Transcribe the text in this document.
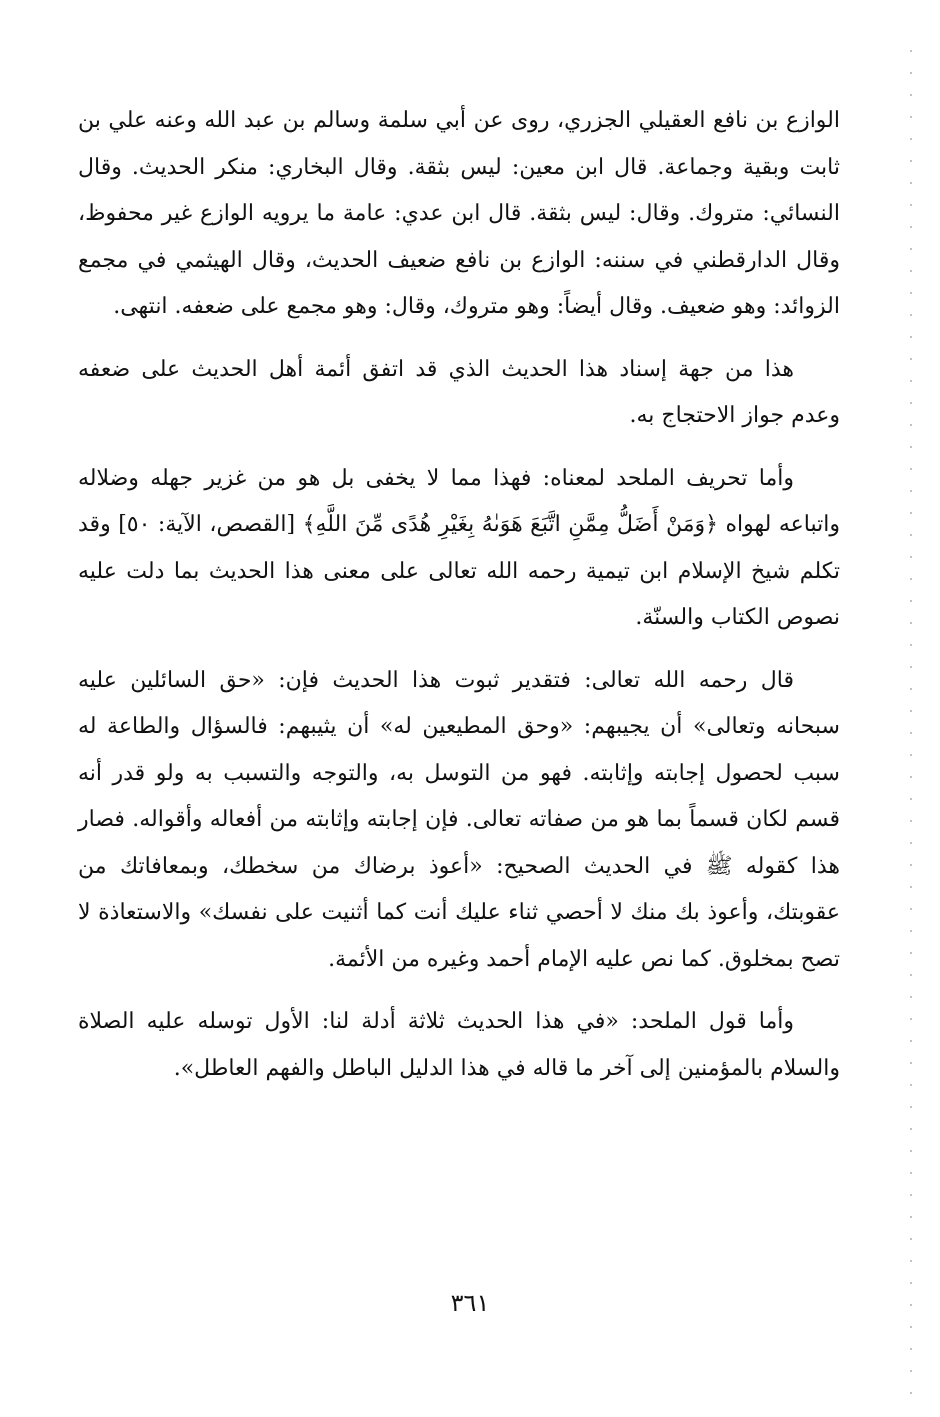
الوازع بن نافع العقيلي الجزري، روى عن أبي سلمة وسالم بن عبد الله وعنه علي بن ثابت وبقية وجماعة. قال ابن معين: ليس بثقة. وقال البخاري: منكر الحديث. وقال النسائي: متروك. وقال: ليس بثقة. قال ابن عدي: عامة ما يرويه الوازع غير محفوظ، وقال الدارقطني في سننه: الوازع بن نافع ضعيف الحديث، وقال الهيثمي في مجمع الزوائد: وهو ضعيف. وقال أيضاً: وهو متروك، وقال: وهو مجمع على ضعفه. انتهى.

هذا من جهة إسناد هذا الحديث الذي قد اتفق أئمة أهل الحديث على ضعفه وعدم جواز الاحتجاج به.

وأما تحريف الملحد لمعناه: فهذا مما لا يخفى بل هو من غزير جهله وضلاله واتباعه لهواه ﴿وَمَنْ أَضَلُّ مِمَّنِ اتَّبَعَ هَوَىٰهُ بِغَيْرِ هُدًى مِّنَ اللَّهِ﴾ [القصص، الآية: ٥٠] وقد تكلم شيخ الإسلام ابن تيمية رحمه الله تعالى على معنى هذا الحديث بما دلت عليه نصوص الكتاب والسنّة.

قال رحمه الله تعالى: فتقدير ثبوت هذا الحديث فإن: «حق السائلين عليه سبحانه وتعالى» أن يجيبهم: «وحق المطيعين له» أن يثيبهم: فالسؤال والطاعة له سبب لحصول إجابته وإثابته. فهو من التوسل به، والتوجه والتسبب به ولو قدر أنه قسم لكان قسماً بما هو من صفاته تعالى. فإن إجابته وإثابته من أفعاله وأقواله. فصار هذا كقوله ﷺ في الحديث الصحيح: «أعوذ برضاك من سخطك، وبمعافاتك من عقوبتك، وأعوذ بك منك لا أحصي ثناء عليك أنت كما أثنيت على نفسك» والاستعاذة لا تصح بمخلوق. كما نص عليه الإمام أحمد وغيره من الأئمة.

وأما قول الملحد: «في هذا الحديث ثلاثة أدلة لنا: الأول توسله عليه الصلاة والسلام بالمؤمنين إلى آخر ما قاله في هذا الدليل الباطل والفهم العاطل».

٣٦١
